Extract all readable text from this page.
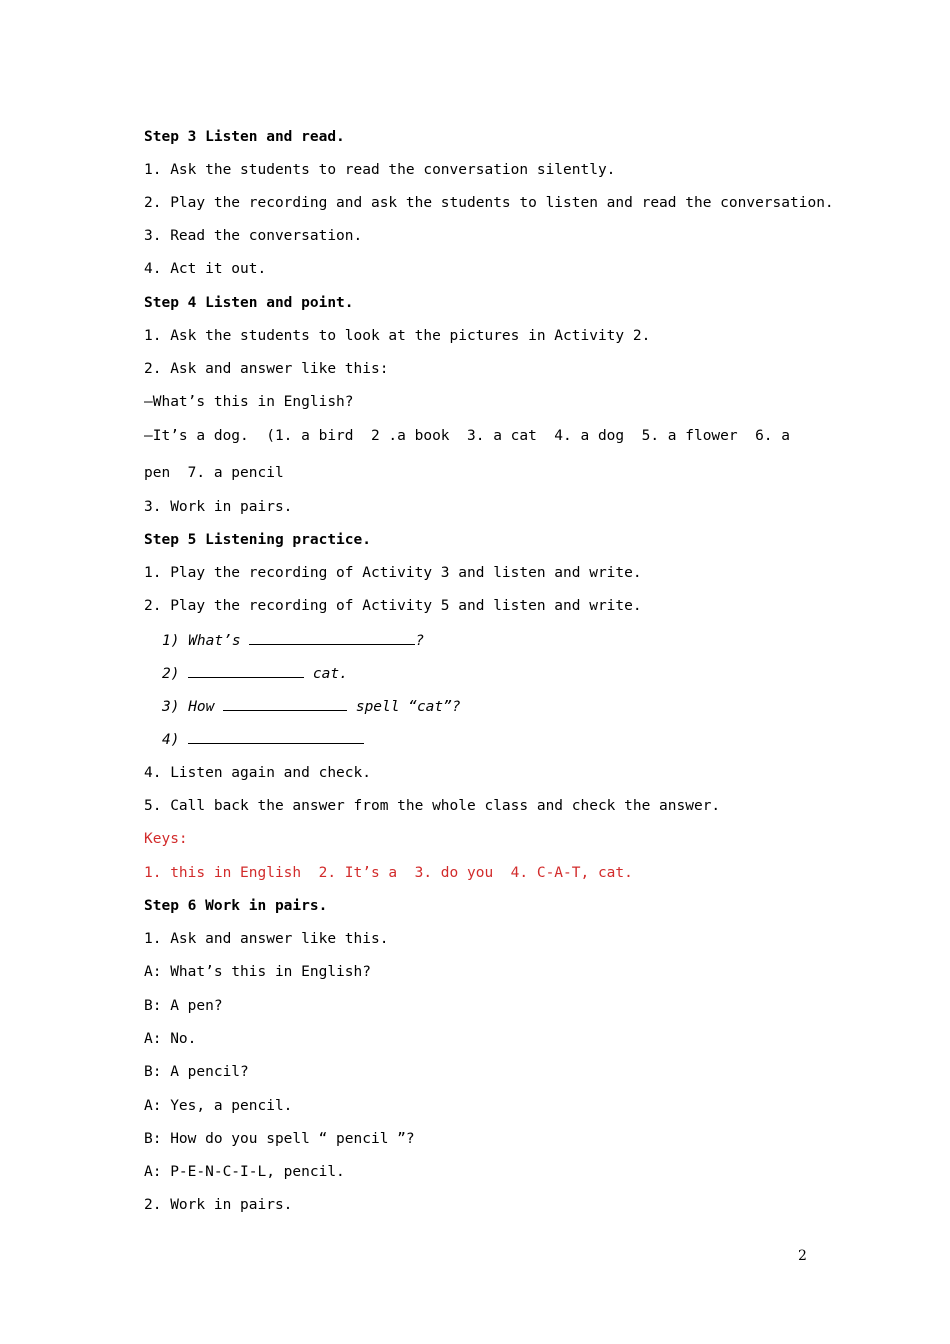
Step 3 Listen and read.
1. Ask the students to read the conversation silently.
2. Play the recording and ask the students to listen and read the conversation.
3. Read the conversation.
4. Act it out.
Step 4 Listen and point.
1. Ask the students to look at the pictures in Activity 2.
2. Ask and answer like this:
—What’s this in English?
—It’s a dog.  (1. a bird  2 .a book  3. a cat  4. a dog  5. a flower  6. a
pen  7. a pencil
3. Work in pairs.
Step 5 Listening practice.
1. Play the recording of Activity 3 and listen and write.
2. Play the recording of Activity 5 and listen and write.
1) What’s	?
2)	cat.
3) How	spell “cat”?
4)
4. Listen again and check.
5. Call back the answer from the whole class and check the answer.
Keys:
1. this in English  2. It’s a  3. do you  4. C-A-T, cat.
Step 6 Work in pairs.
1. Ask and answer like this.
A: What’s this in English?
B: A pen?
A: No.
B: A pencil?
A: Yes, a pencil.
B: How do you spell “ pencil ”?
A: P-E-N-C-I-L, pencil.
2. Work in pairs.
2
